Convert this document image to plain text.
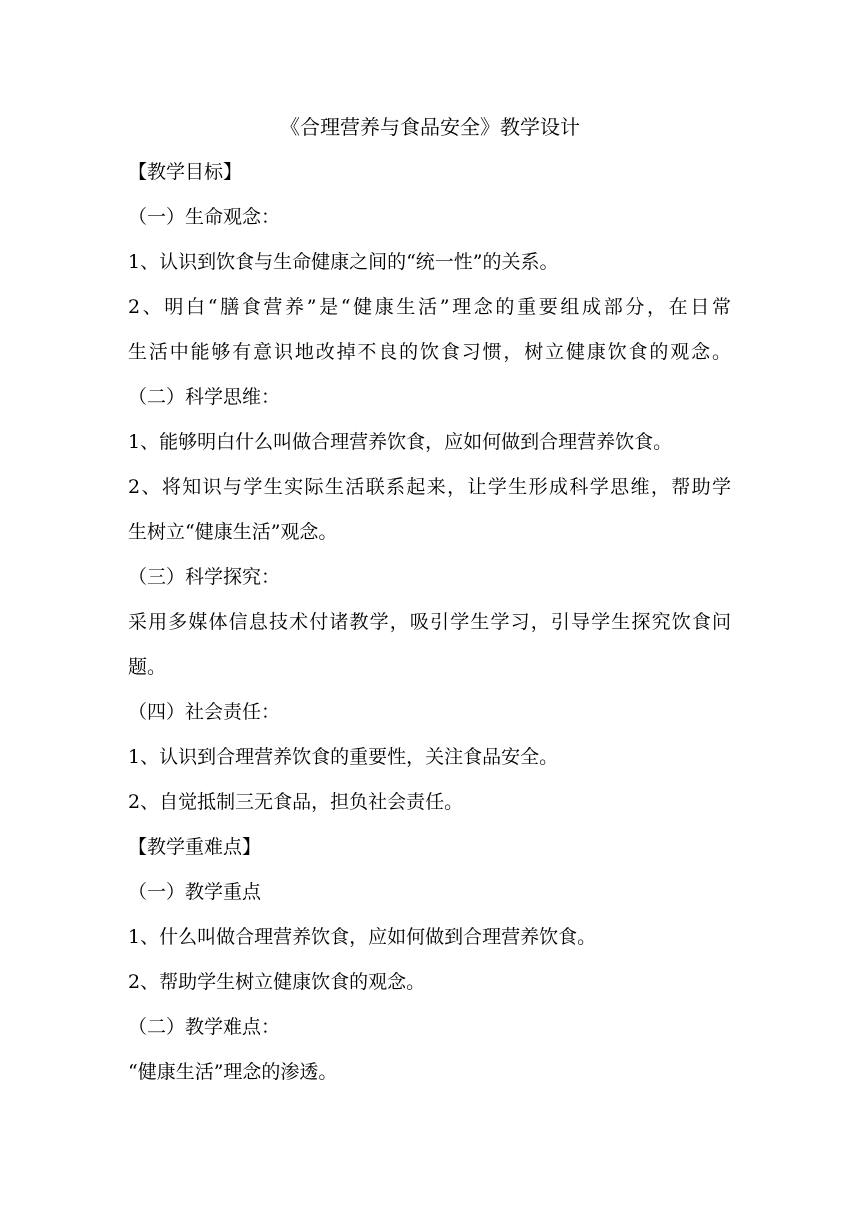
《合理营养与食品安全》教学设计
【教学目标】
（一）生命观念：
1、认识到饮食与生命健康之间的“统一性”的关系。
2、明白“膳食营养”是“健康生活”理念的重要组成部分，在日常
生活中能够有意识地改掉不良的饮食习惯，树立健康饮食的观念。
（二）科学思维：
1、能够明白什么叫做合理营养饮食，应如何做到合理营养饮食。
2、将知识与学生实际生活联系起来，让学生形成科学思维，帮助学
生树立“健康生活”观念。
（三）科学探究：
采用多媒体信息技术付诸教学，吸引学生学习，引导学生探究饮食问
题。
（四）社会责任：
1、认识到合理营养饮食的重要性，关注食品安全。
2、自觉抵制三无食品，担负社会责任。
【教学重难点】
（一）教学重点
1、什么叫做合理营养饮食，应如何做到合理营养饮食。
2、帮助学生树立健康饮食的观念。
（二）教学难点：
“健康生活”理念的渗透。
